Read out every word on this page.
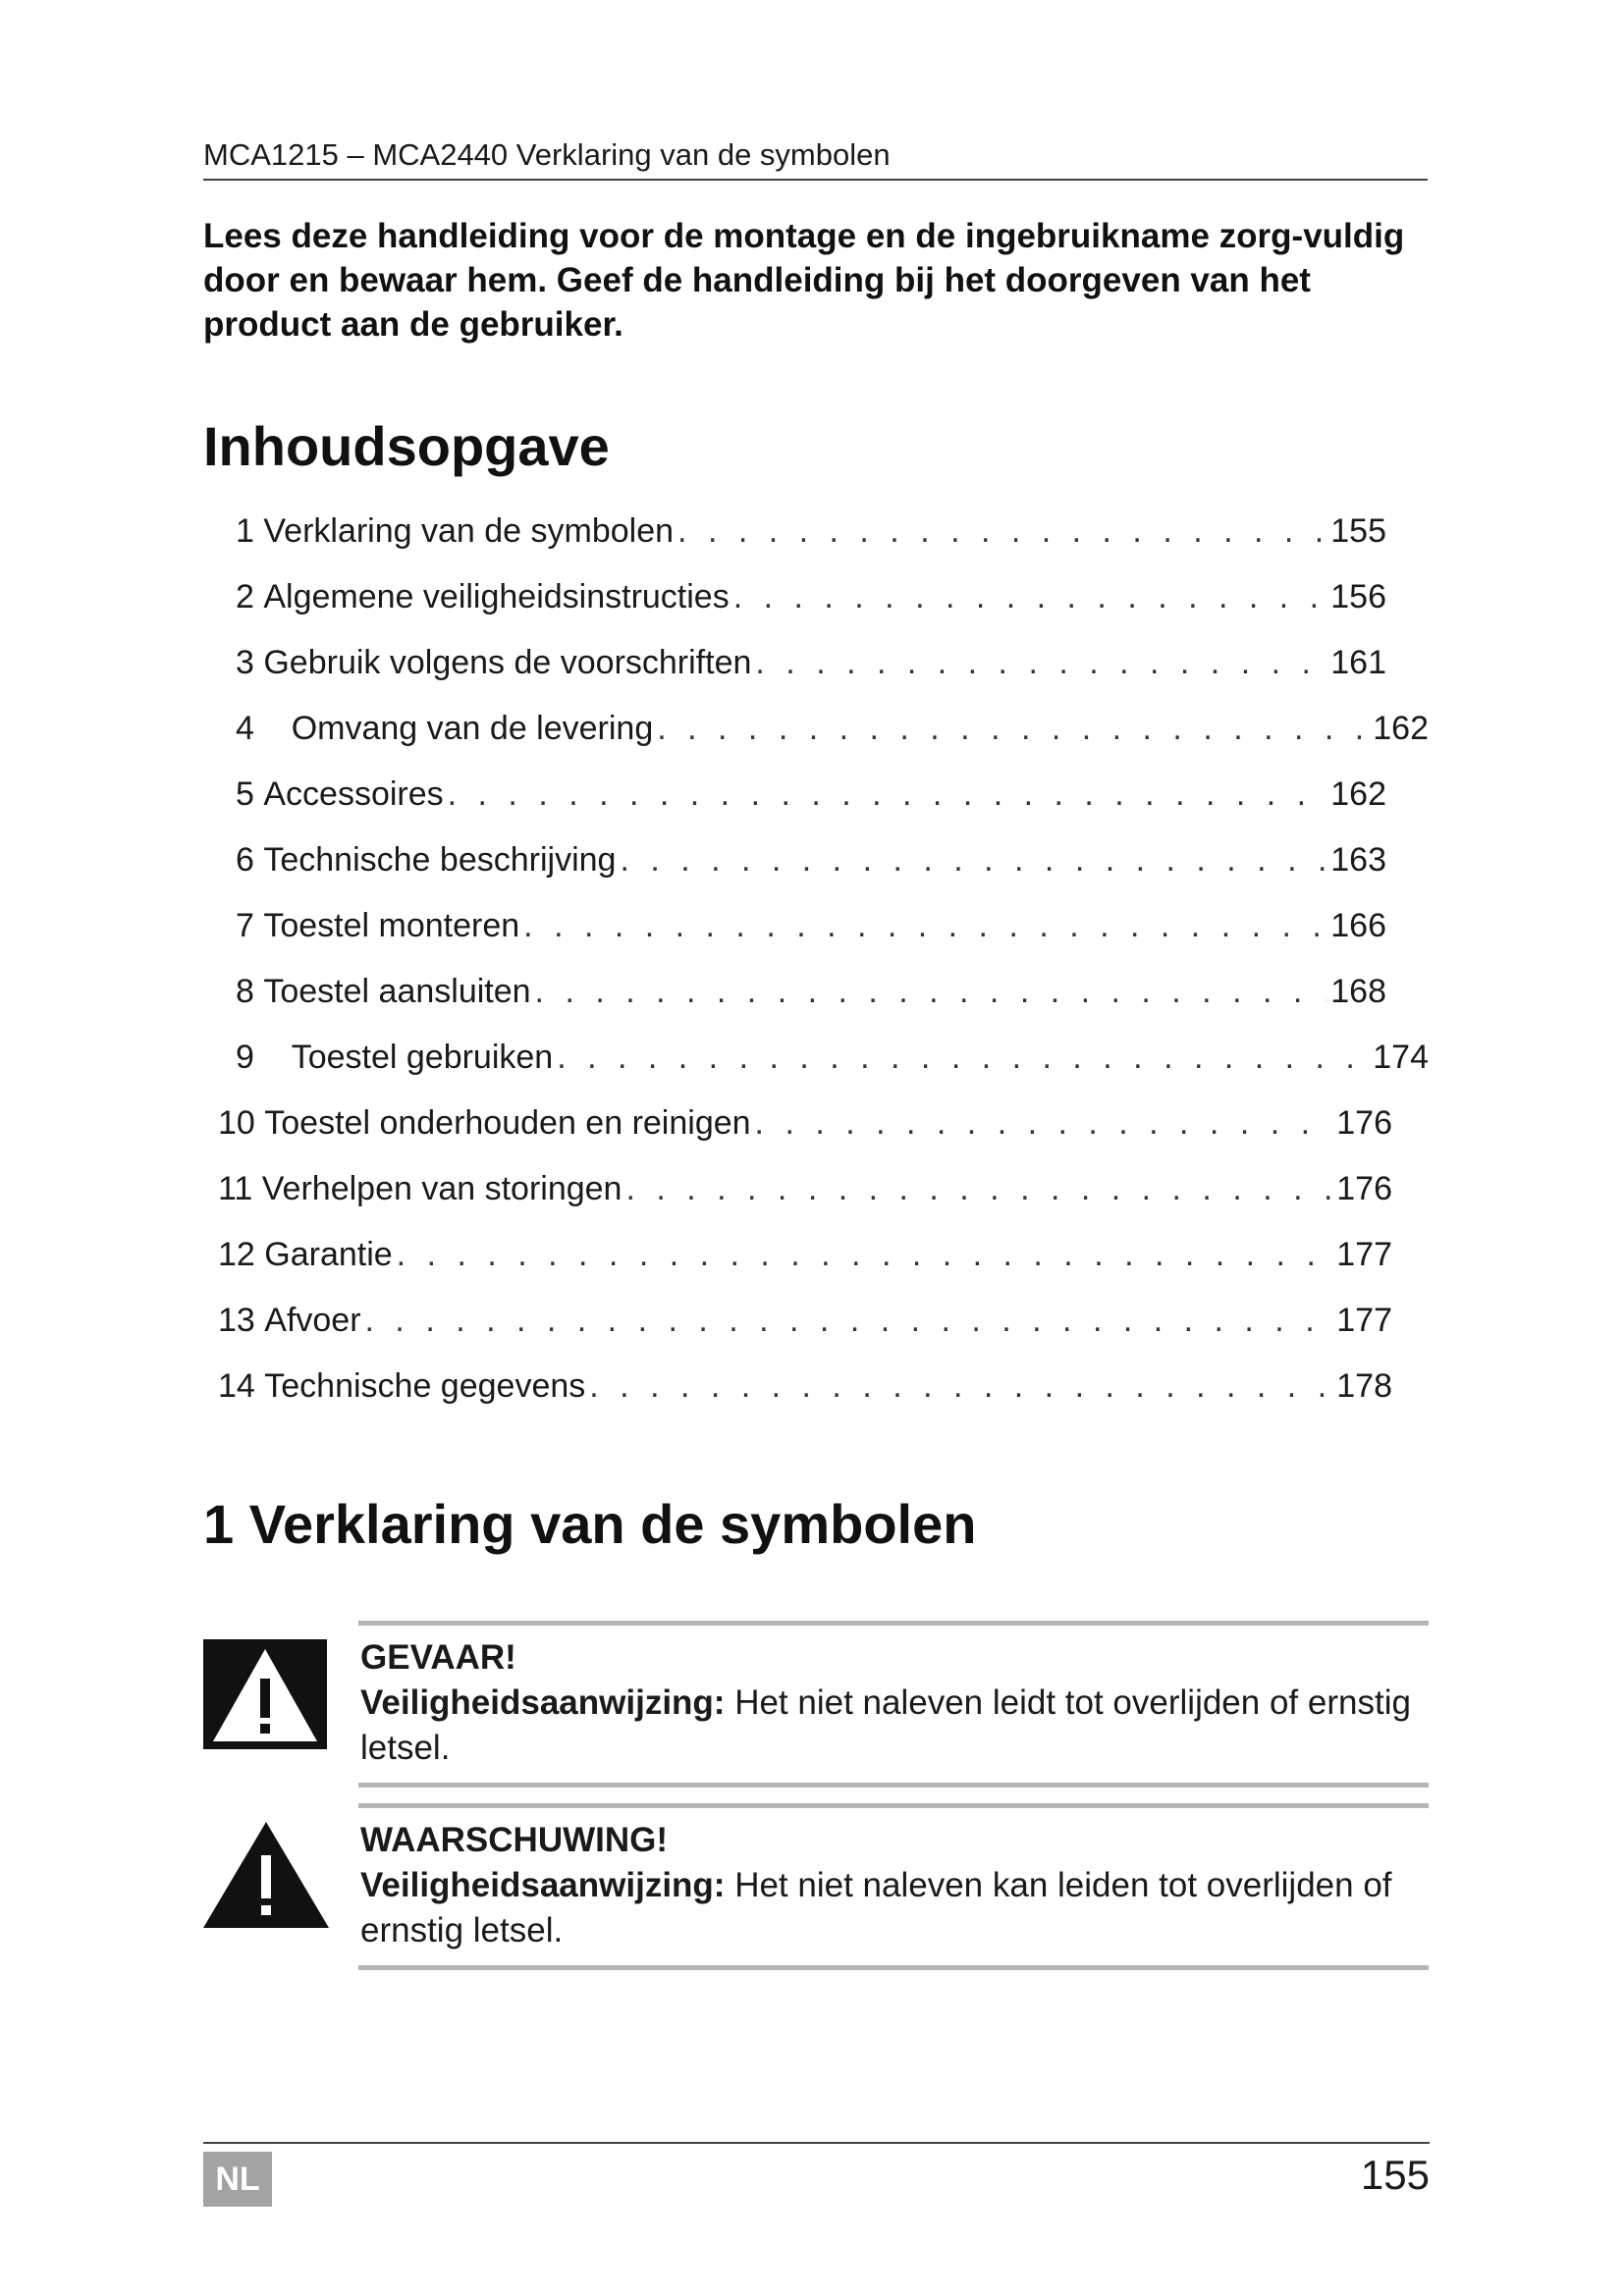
MCA1215 – MCA2440 Verklaring van de symbolen
Lees deze handleiding voor de montage en de ingebruikname zorg-vuldig door en bewaar hem. Geef de handleiding bij het doorgeven van het product aan de gebruiker.
Inhoudsopgave
1 Verklaring van de symbolen . . .	155
2 Algemene veiligheidsinstructies . . .	156
3 Gebruik volgens de voorschriften . . .	161
4 Omvang van de levering . . .	162
5 Accessoires . . .	162
6 Technische beschrijving . . .	163
7 Toestel monteren . . .	166
8 Toestel aansluiten . . .	168
9 Toestel gebruiken . . .	174
10 Toestel onderhouden en reinigen . . .	176
11 Verhelpen van storingen . . .	176
12 Garantie . . .	177
13 Afvoer . . .	177
14 Technische gegevens . . .	178
1 Verklaring van de symbolen
GEVAAR!
Veiligheidsaanwijzing: Het niet naleven leidt tot overlijden of ernstig letsel.
WAARSCHUWING!
Veiligheidsaanwijzing: Het niet naleven kan leiden tot overlijden of ernstig letsel.
NL	155
